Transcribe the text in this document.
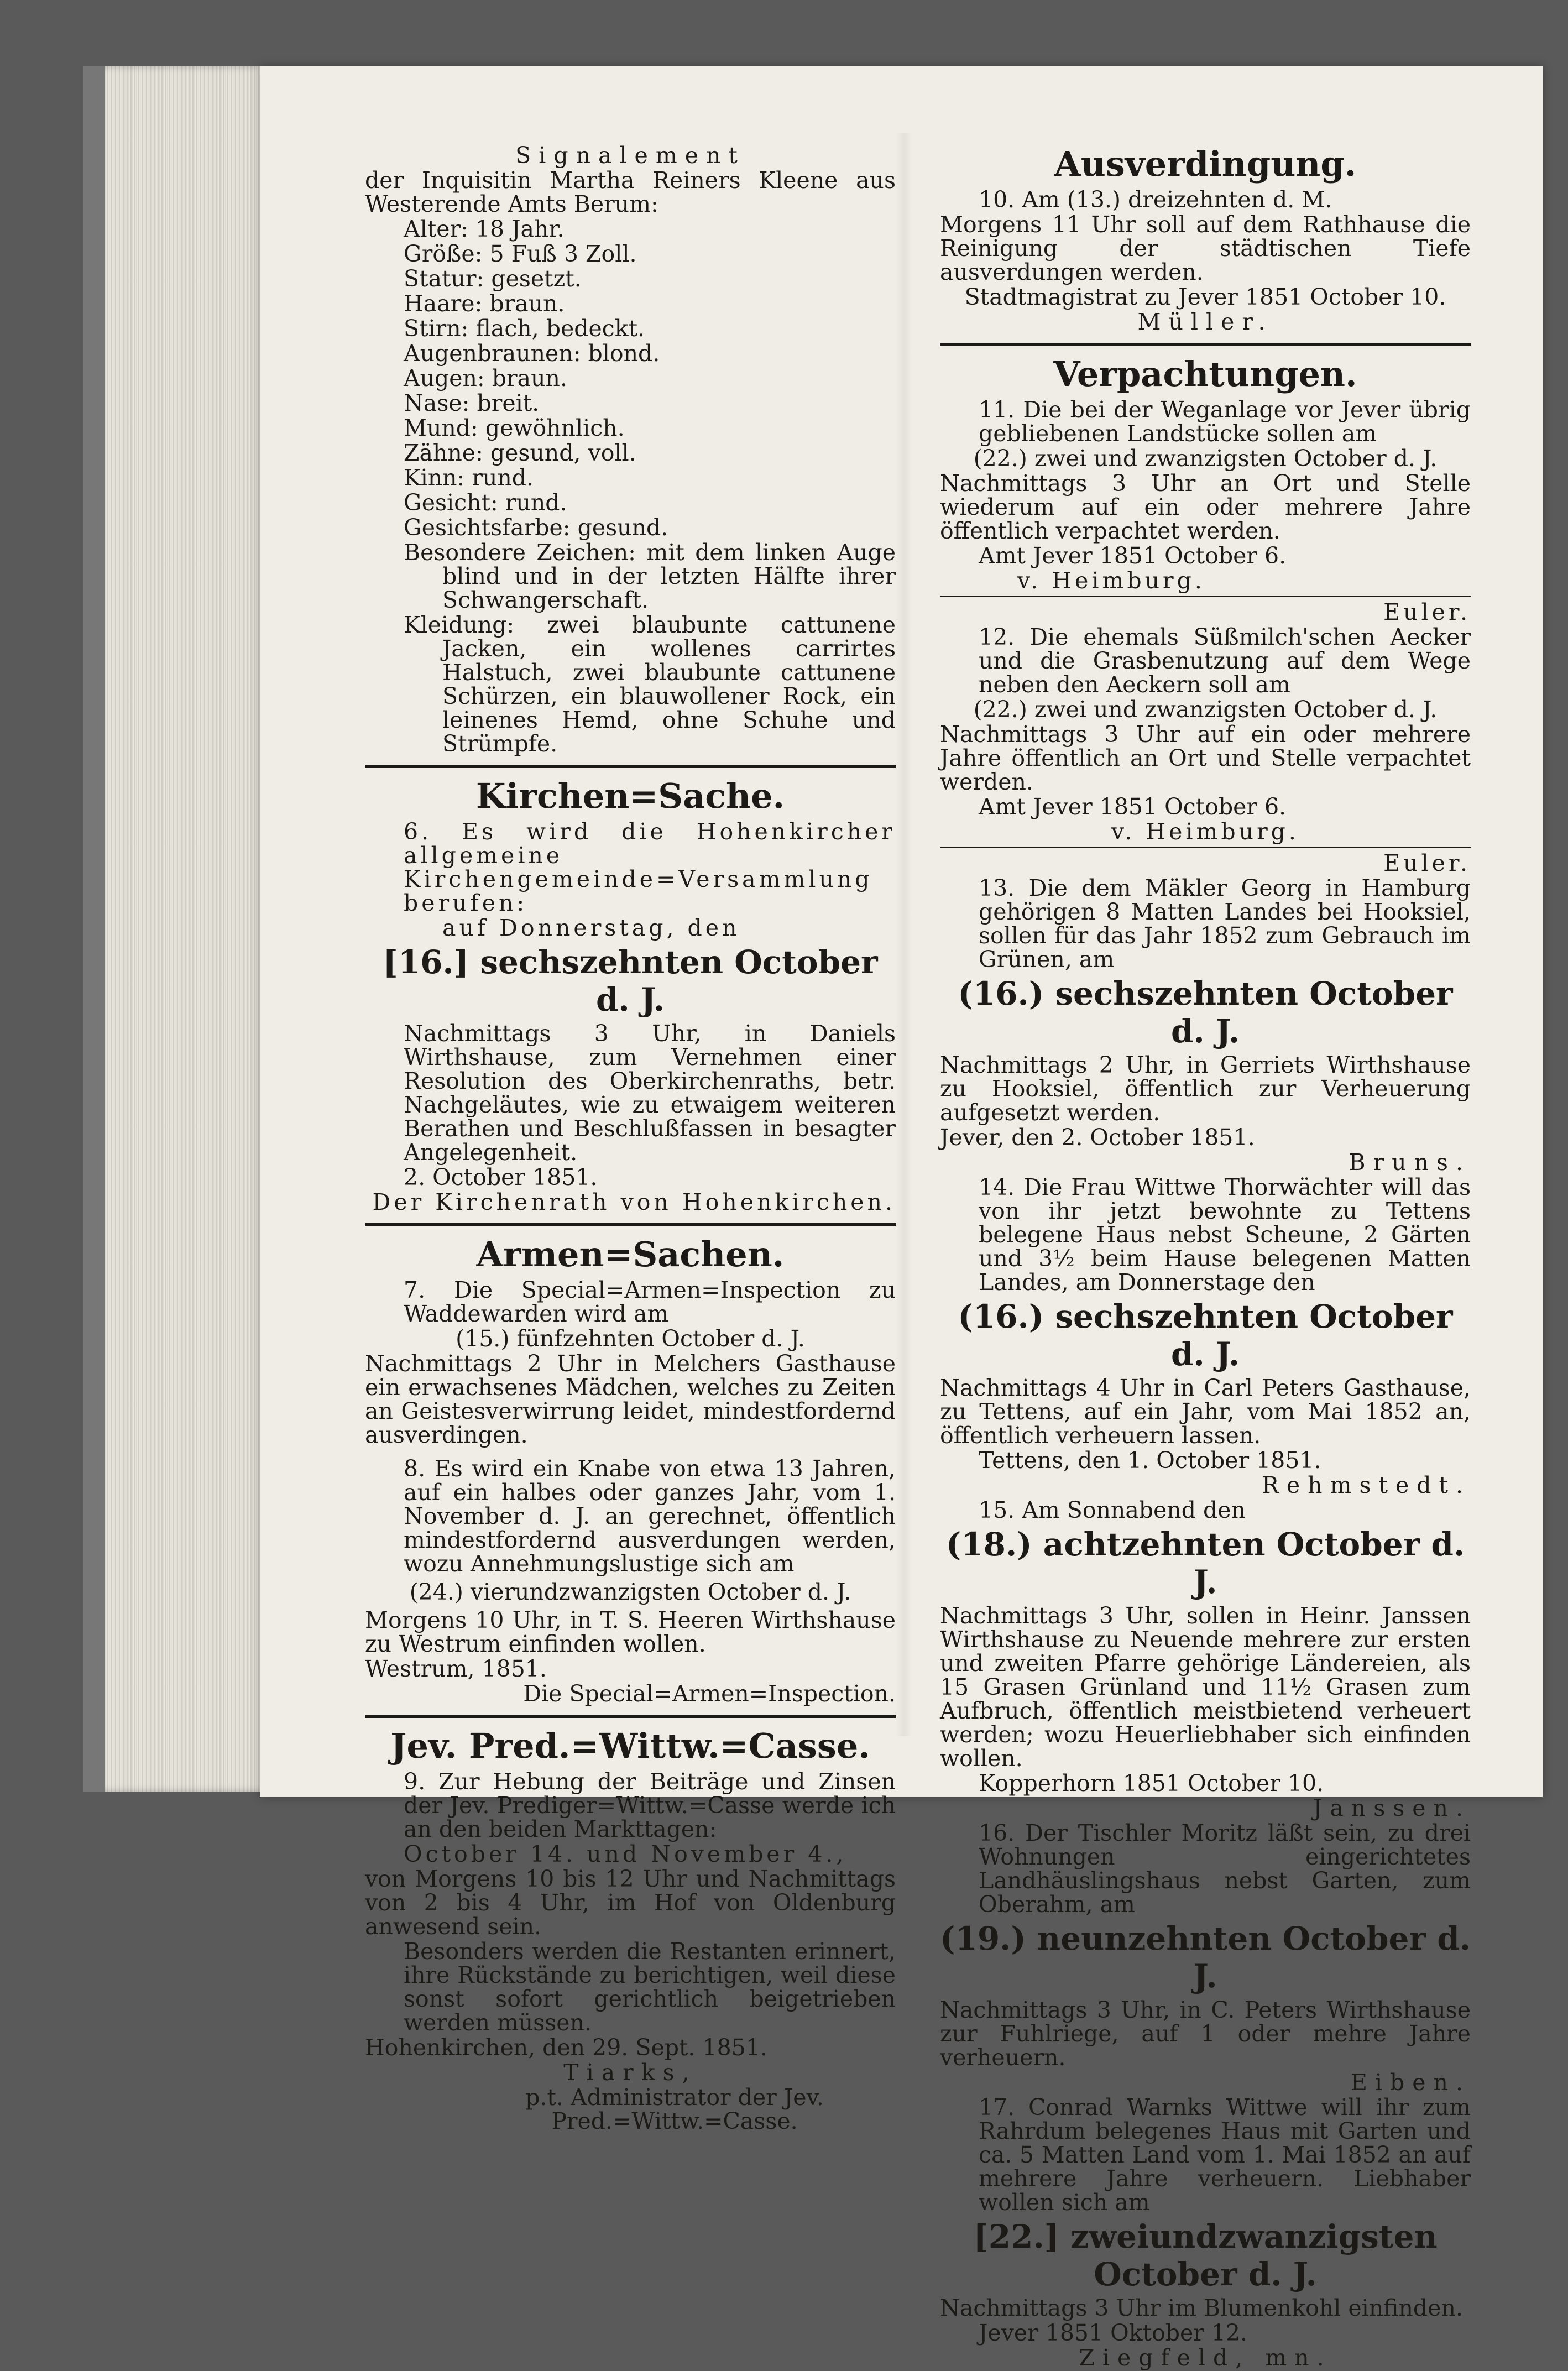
Signalement
der Inquisitin Martha Reiners Kleene aus Westerende Amts Berum:
Alter: 18 Jahr.
Größe: 5 Fuß 3 Zoll.
Statur: gesetzt.
Haare: braun.
Stirn: flach, bedeckt.
Augenbraunen: blond.
Augen: braun.
Nase: breit.
Mund: gewöhnlich.
Zähne: gesund, voll.
Kinn: rund.
Gesicht: rund.
Gesichtsfarbe: gesund.
Besondere Zeichen: mit dem linken Auge blind und in der letzten Hälfte ihrer Schwangerschaft.
Kleidung: zwei blaubunte cattunene Jacken, ein wollenes carrirtes Halstuch, zwei blaubunte cattunene Schürzen, ein blauwollener Rock, ein leinenes Hemd, ohne Schuhe und Strümpfe.
Kirchen=Sache.
6. Es wird die Hohenkircher allgemeine Kirchengemeinde=Versammlung berufen:
auf Donnerstag, den
[16.] sechszehnten October d. J.
Nachmittags 3 Uhr, in Daniels Wirthshause, zum Vernehmen einer Resolution des Oberkirchenraths, betr. Nachgeläutes, wie zu etwaigem weiteren Berathen und Beschlußfassen in besagter Angelegenheit.
2. October 1851.
Der Kirchenrath von Hohenkirchen.
Armen=Sachen.
7. Die Special=Armen=Inspection zu Waddewarden wird am
(15.) fünfzehnten October d. J.
Nachmittags 2 Uhr in Melchers Gasthause ein erwachsenes Mädchen, welches zu Zeiten an Geistesverwirrung leidet, mindestfordernd ausverdingen.
8. Es wird ein Knabe von etwa 13 Jahren, auf ein halbes oder ganzes Jahr, vom 1. November d. J. an gerechnet, öffentlich mindestfordernd ausverdungen werden, wozu Annehmungslustige sich am
(24.) vierundzwanzigsten October d. J.
Morgens 10 Uhr, in T. S. Heeren Wirthshause zu Westrum einfinden wollen.
Westrum, 1851.
Die Special=Armen=Inspection.
Jev. Pred.=Wittw.=Casse.
9. Zur Hebung der Beiträge und Zinsen der Jev. Prediger=Wittw.=Casse werde ich an den beiden Markttagen:
October 14. und November 4.,
von Morgens 10 bis 12 Uhr und Nachmittags von 2 bis 4 Uhr, im Hof von Oldenburg anwesend sein.
Besonders werden die Restanten erinnert, ihre Rückstände zu berichtigen, weil diese sonst sofort gerichtlich beigetrieben werden müssen.
Hohenkirchen, den 29. Sept. 1851.
Tiarks,
p.t. Administrator der Jev. Pred.=Wittw.=Casse.
Ausverdingung.
10. Am (13.) dreizehnten d. M.
Morgens 11 Uhr soll auf dem Rathhause die Reinigung der städtischen Tiefe ausverdungen werden.
Stadtmagistrat zu Jever 1851 October 10.
Müller.
Verpachtungen.
11. Die bei der Weganlage vor Jever übrig gebliebenen Landstücke sollen am
(22.) zwei und zwanzigsten October d. J.
Nachmittags 3 Uhr an Ort und Stelle wiederum auf ein oder mehrere Jahre öffentlich verpachtet werden.
Amt Jever 1851 October 6.
v. Heimburg.
Euler.
12. Die ehemals Süßmilch'schen Aecker und die Grasbenutzung auf dem Wege neben den Aeckern soll am
(22.) zwei und zwanzigsten October d. J.
Nachmittags 3 Uhr auf ein oder mehrere Jahre öffentlich an Ort und Stelle verpachtet werden.
Amt Jever 1851 October 6.
v. Heimburg.
Euler.
13. Die dem Mäkler Georg in Hamburg gehörigen 8 Matten Landes bei Hooksiel, sollen für das Jahr 1852 zum Gebrauch im Grünen, am
(16.) sechszehnten October d. J.
Nachmittags 2 Uhr, in Gerriets Wirthshause zu Hooksiel, öffentlich zur Verheuerung aufgesetzt werden.
Jever, den 2. October 1851.
Bruns.
14. Die Frau Wittwe Thorwächter will das von ihr jetzt bewohnte zu Tettens belegene Haus nebst Scheune, 2 Gärten und 3½ beim Hause belegenen Matten Landes, am Donnerstage den
(16.) sechszehnten October d. J.
Nachmittags 4 Uhr in Carl Peters Gasthause, zu Tettens, auf ein Jahr, vom Mai 1852 an, öffentlich verheuern lassen.
Tettens, den 1. October 1851.
Rehmstedt.
15. Am Sonnabend den
(18.) achtzehnten October d. J.
Nachmittags 3 Uhr, sollen in Heinr. Janssen Wirthshause zu Neuende mehrere zur ersten und zweiten Pfarre gehörige Ländereien, als 15 Grasen Grünland und 11½ Grasen zum Aufbruch, öffentlich meistbietend verheuert werden; wozu Heuerliebhaber sich einfinden wollen.
Kopperhorn 1851 October 10.
Janssen.
16. Der Tischler Moritz läßt sein, zu drei Wohnungen eingerichtetes Landhäuslingshaus nebst Garten, zum Oberahm, am
(19.) neunzehnten October d. J.
Nachmittags 3 Uhr, in C. Peters Wirthshause zur Fuhlriege, auf 1 oder mehre Jahre verheuern.
Eiben.
17. Conrad Warnks Wittwe will ihr zum Rahrdum belegenes Haus mit Garten und ca. 5 Matten Land vom 1. Mai 1852 an auf mehrere Jahre verheuern. Liebhaber wollen sich am
[22.] zweiundzwanzigsten October d. J.
Nachmittags 3 Uhr im Blumenkohl einfinden.
Jever 1851 Oktober 12.
Ziegfeld, mn.
